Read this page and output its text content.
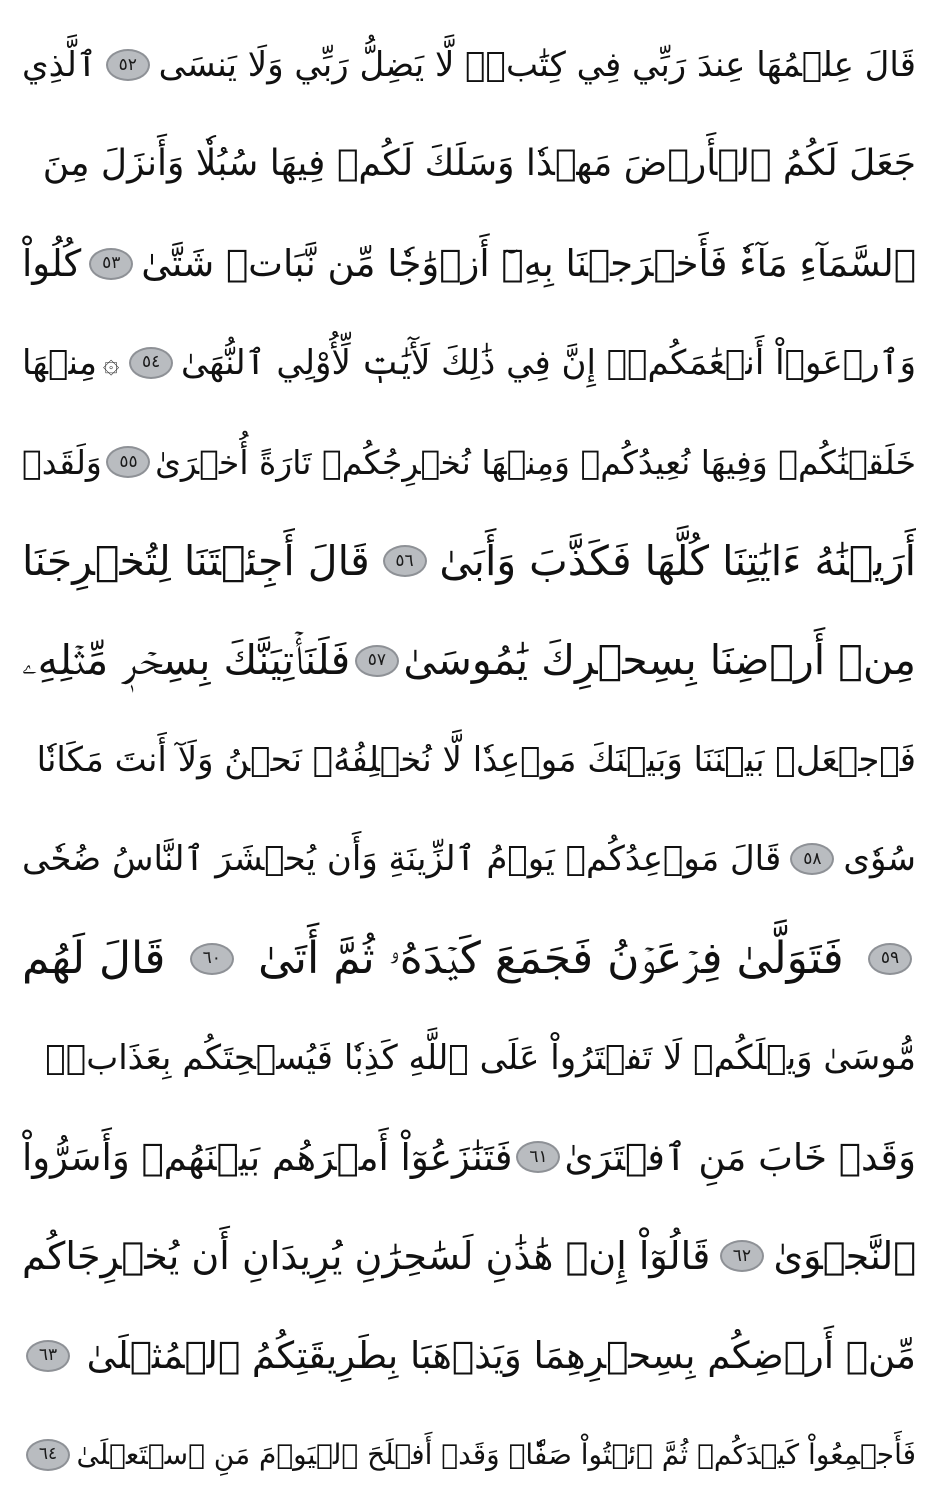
قَالَ عِلۡمُهَا عِندَ رَبِّي فِي كِتَٰبٖۖ لَّا يَضِلُّ رَبِّي وَلَا يَنسَى
٥٢
ٱلَّذِي
جَعَلَ لَكُمُ ٱلۡأَرۡضَ مَهۡدٗا وَسَلَكَ لَكُمۡ فِيهَا سُبُلٗا وَأَنزَلَ مِنَ
ٱلسَّمَآءِ مَآءٗ فَأَخۡرَجۡنَا بِهِۦٓ أَزۡوَٰجٗا مِّن نَّبَاتٖ شَتَّىٰ
٥٣
كُلُواْ
وَٱرۡعَوۡاْ أَنۡعَٰمَكُمۡۚ إِنَّ فِي ذَٰلِكَ لَأٓيَٰتٖ لِّأُوْلِي ٱلنُّهَىٰ
٥٤
۞
مِنۡهَا
خَلَقۡنَٰكُمۡ وَفِيهَا نُعِيدُكُمۡ وَمِنۡهَا نُخۡرِجُكُمۡ تَارَةً أُخۡرَىٰ
٥٥
وَلَقَدۡ
أَرَيۡنَٰهُ ءَايَٰتِنَا كُلَّهَا فَكَذَّبَ وَأَبَىٰ
٥٦
قَالَ أَجِئۡتَنَا لِتُخۡرِجَنَا
مِنۡ أَرۡضِنَا بِسِحۡرِكَ يَٰمُوسَىٰ
٥٧
فَلَنَأۡتِيَنَّكَ بِسِحۡرٖ مِّثۡلِهِۦ
فَٱجۡعَلۡ بَيۡنَنَا وَبَيۡنَكَ مَوۡعِدٗا لَّا نُخۡلِفُهُۥ نَحۡنُ وَلَآ أَنتَ مَكَانٗا
سُوٗى
٥٨
قَالَ مَوۡعِدُكُمۡ يَوۡمُ ٱلزِّينَةِ وَأَن يُحۡشَرَ ٱلنَّاسُ ضُحٗى
٥٩
فَتَوَلَّىٰ فِرۡعَوۡنُ فَجَمَعَ كَيۡدَهُۥ ثُمَّ أَتَىٰ
٦٠
قَالَ لَهُم
مُّوسَىٰ وَيۡلَكُمۡ لَا تَفۡتَرُواْ عَلَى ٱللَّهِ كَذِبٗا فَيُسۡحِتَكُم بِعَذَابٖۖ
وَقَدۡ خَابَ مَنِ ٱفۡتَرَىٰ
٦١
فَتَنَٰزَعُوٓاْ أَمۡرَهُم بَيۡنَهُمۡ وَأَسَرُّواْ
ٱلنَّجۡوَىٰ
٦٢
قَالُوٓاْ إِنۡ هَٰذَٰنِ لَسَٰحِرَٰنِ يُرِيدَانِ أَن يُخۡرِجَاكُم
مِّنۡ أَرۡضِكُم بِسِحۡرِهِمَا وَيَذۡهَبَا بِطَرِيقَتِكُمُ ٱلۡمُثۡلَىٰ
٦٣
فَأَجۡمِعُواْ كَيۡدَكُمۡ ثُمَّ ٱئۡتُواْ صَفّٗاۚ وَقَدۡ أَفۡلَحَ ٱلۡيَوۡمَ مَنِ ٱسۡتَعۡلَىٰ
٦٤
